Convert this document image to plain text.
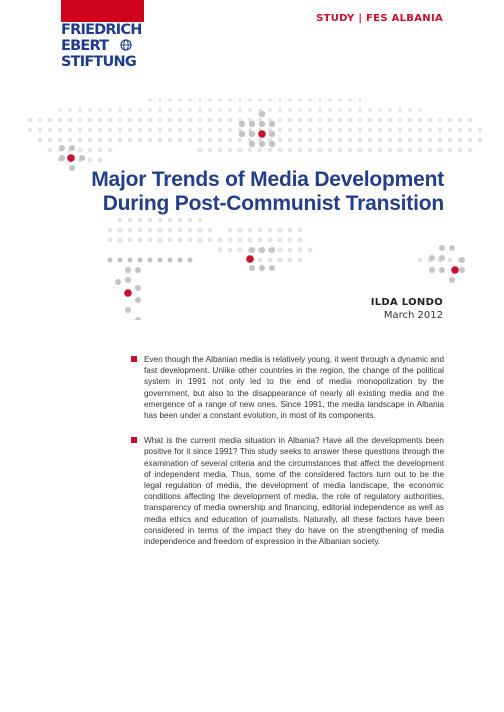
FRIEDRICH
EBERT
STIFTUNG
STUDY | FES ALBANIA
Major Trends of Media Development
During Post-Communist Transition
ILDA LONDO
March 2012
Even though the Albanian media is relatively young, it went through a dynamic and fast development. Unlike other countries in the region, the change of the political system in 1991 not only led to the end of media monopolization by the government, but also to the disappearance of nearly all existing media and the emergence of a range of new ones. Since 1991, the media landscape in Albania has been under a constant evolution, in most of its components.
What is the current media situation in Albania? Have all the developments been positive for it since 1991? This study seeks to answer these questions through the examination of several criteria and the circumstances that affect the development of independent media. Thus, some of the considered factors turn out to be the legal regulation of media, the development of media landscape, the economic conditions affecting the development of media, the role of regulatory authorities, transparency of media ownership and financing, editorial independence as well as media ethics and education of journalists. Naturally, all these factors have been considered in terms of the impact they do have on the strengthening of media independence and freedom of expression in the Albanian society.
